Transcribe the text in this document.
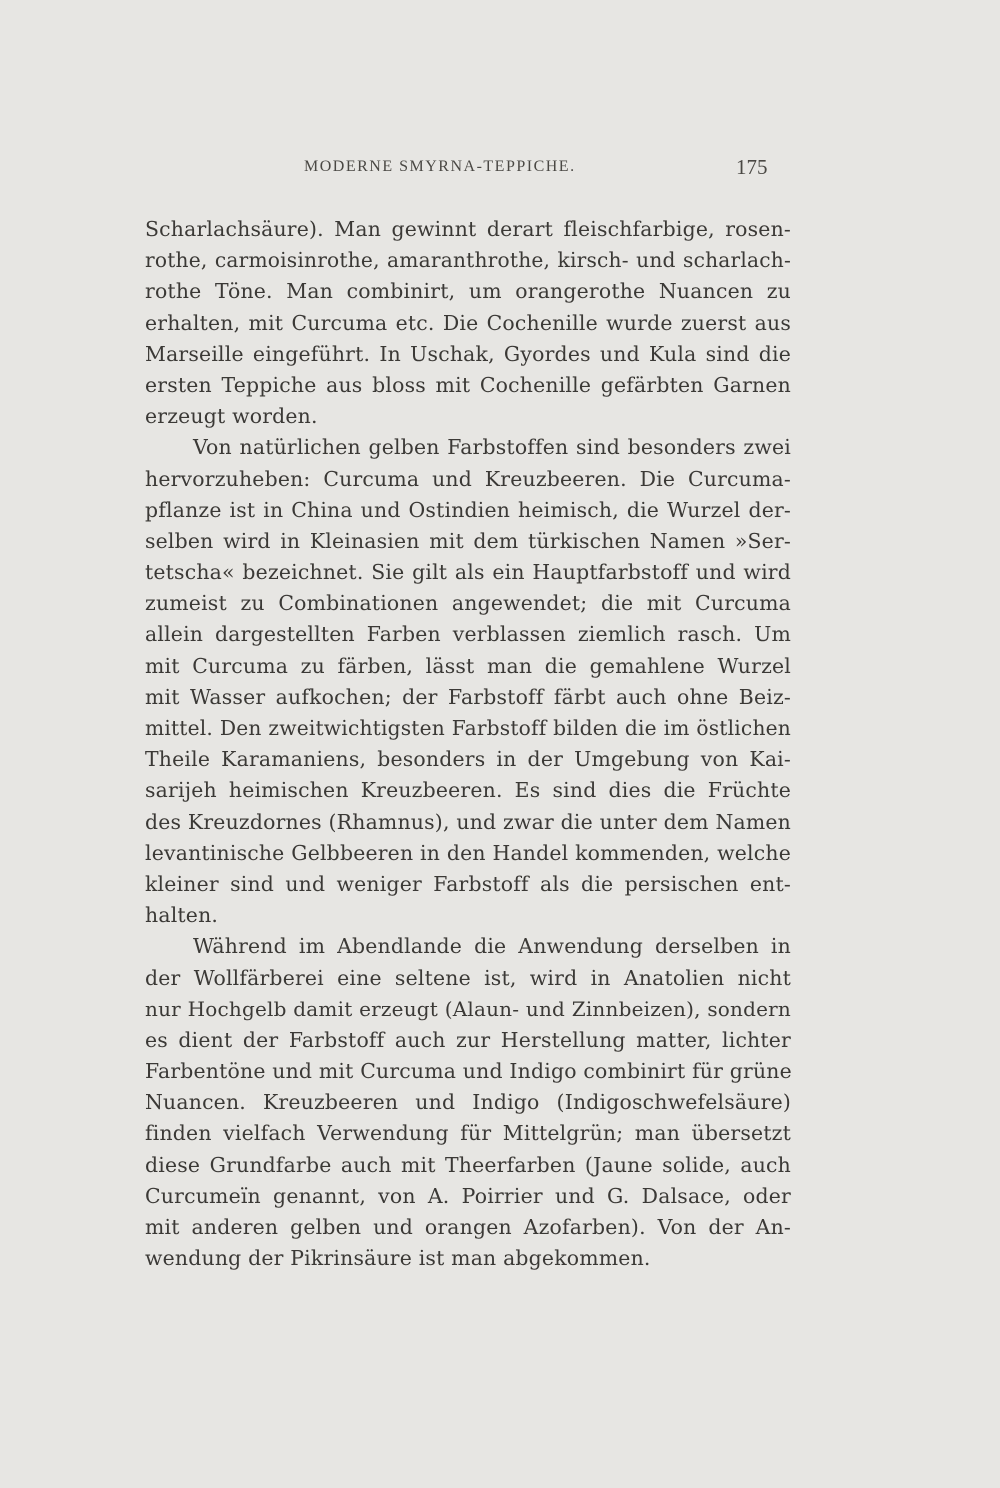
MODERNE SMYRNA-TEPPICHE.	175
Scharlachsäure). Man gewinnt derart fleischfarbige, rosen-
rothe, carmoisinrothe, amaranthrothe, kirsch- und scharlach-
rothe Töne. Man combinirt, um orangerothe Nuancen zu
erhalten, mit Curcuma etc. Die Cochenille wurde zuerst aus
Marseille eingeführt. In Uschak, Gyordes und Kula sind die
ersten Teppiche aus bloss mit Cochenille gefärbten Garnen
erzeugt worden.
Von natürlichen gelben Farbstoffen sind besonders zwei
hervorzuheben: Curcuma und Kreuzbeeren. Die Curcuma-
pflanze ist in China und Ostindien heimisch, die Wurzel der-
selben wird in Kleinasien mit dem türkischen Namen »Ser-
tetscha« bezeichnet. Sie gilt als ein Hauptfarbstoff und wird
zumeist zu Combinationen angewendet; die mit Curcuma
allein dargestellten Farben verblassen ziemlich rasch. Um
mit Curcuma zu färben, lässt man die gemahlene Wurzel
mit Wasser aufkochen; der Farbstoff färbt auch ohne Beiz-
mittel. Den zweitwichtigsten Farbstoff bilden die im östlichen
Theile Karamaniens, besonders in der Umgebung von Kai-
sarijeh heimischen Kreuzbeeren. Es sind dies die Früchte
des Kreuzdornes (Rhamnus), und zwar die unter dem Namen
levantinische Gelbbeeren in den Handel kommenden, welche
kleiner sind und weniger Farbstoff als die persischen ent-
halten.
Während im Abendlande die Anwendung derselben in
der Wollfärberei eine seltene ist, wird in Anatolien nicht
nur Hochgelb damit erzeugt (Alaun- und Zinnbeizen), sondern
es dient der Farbstoff auch zur Herstellung matter, lichter
Farbentöne und mit Curcuma und Indigo combinirt für grüne
Nuancen. Kreuzbeeren und Indigo (Indigoschwefelsäure)
finden vielfach Verwendung für Mittelgrün; man übersetzt
diese Grundfarbe auch mit Theerfarben (Jaune solide, auch
Curcumeïn genannt, von A. Poirrier und G. Dalsace, oder
mit anderen gelben und orangen Azofarben). Von der An-
wendung der Pikrinsäure ist man abgekommen.
